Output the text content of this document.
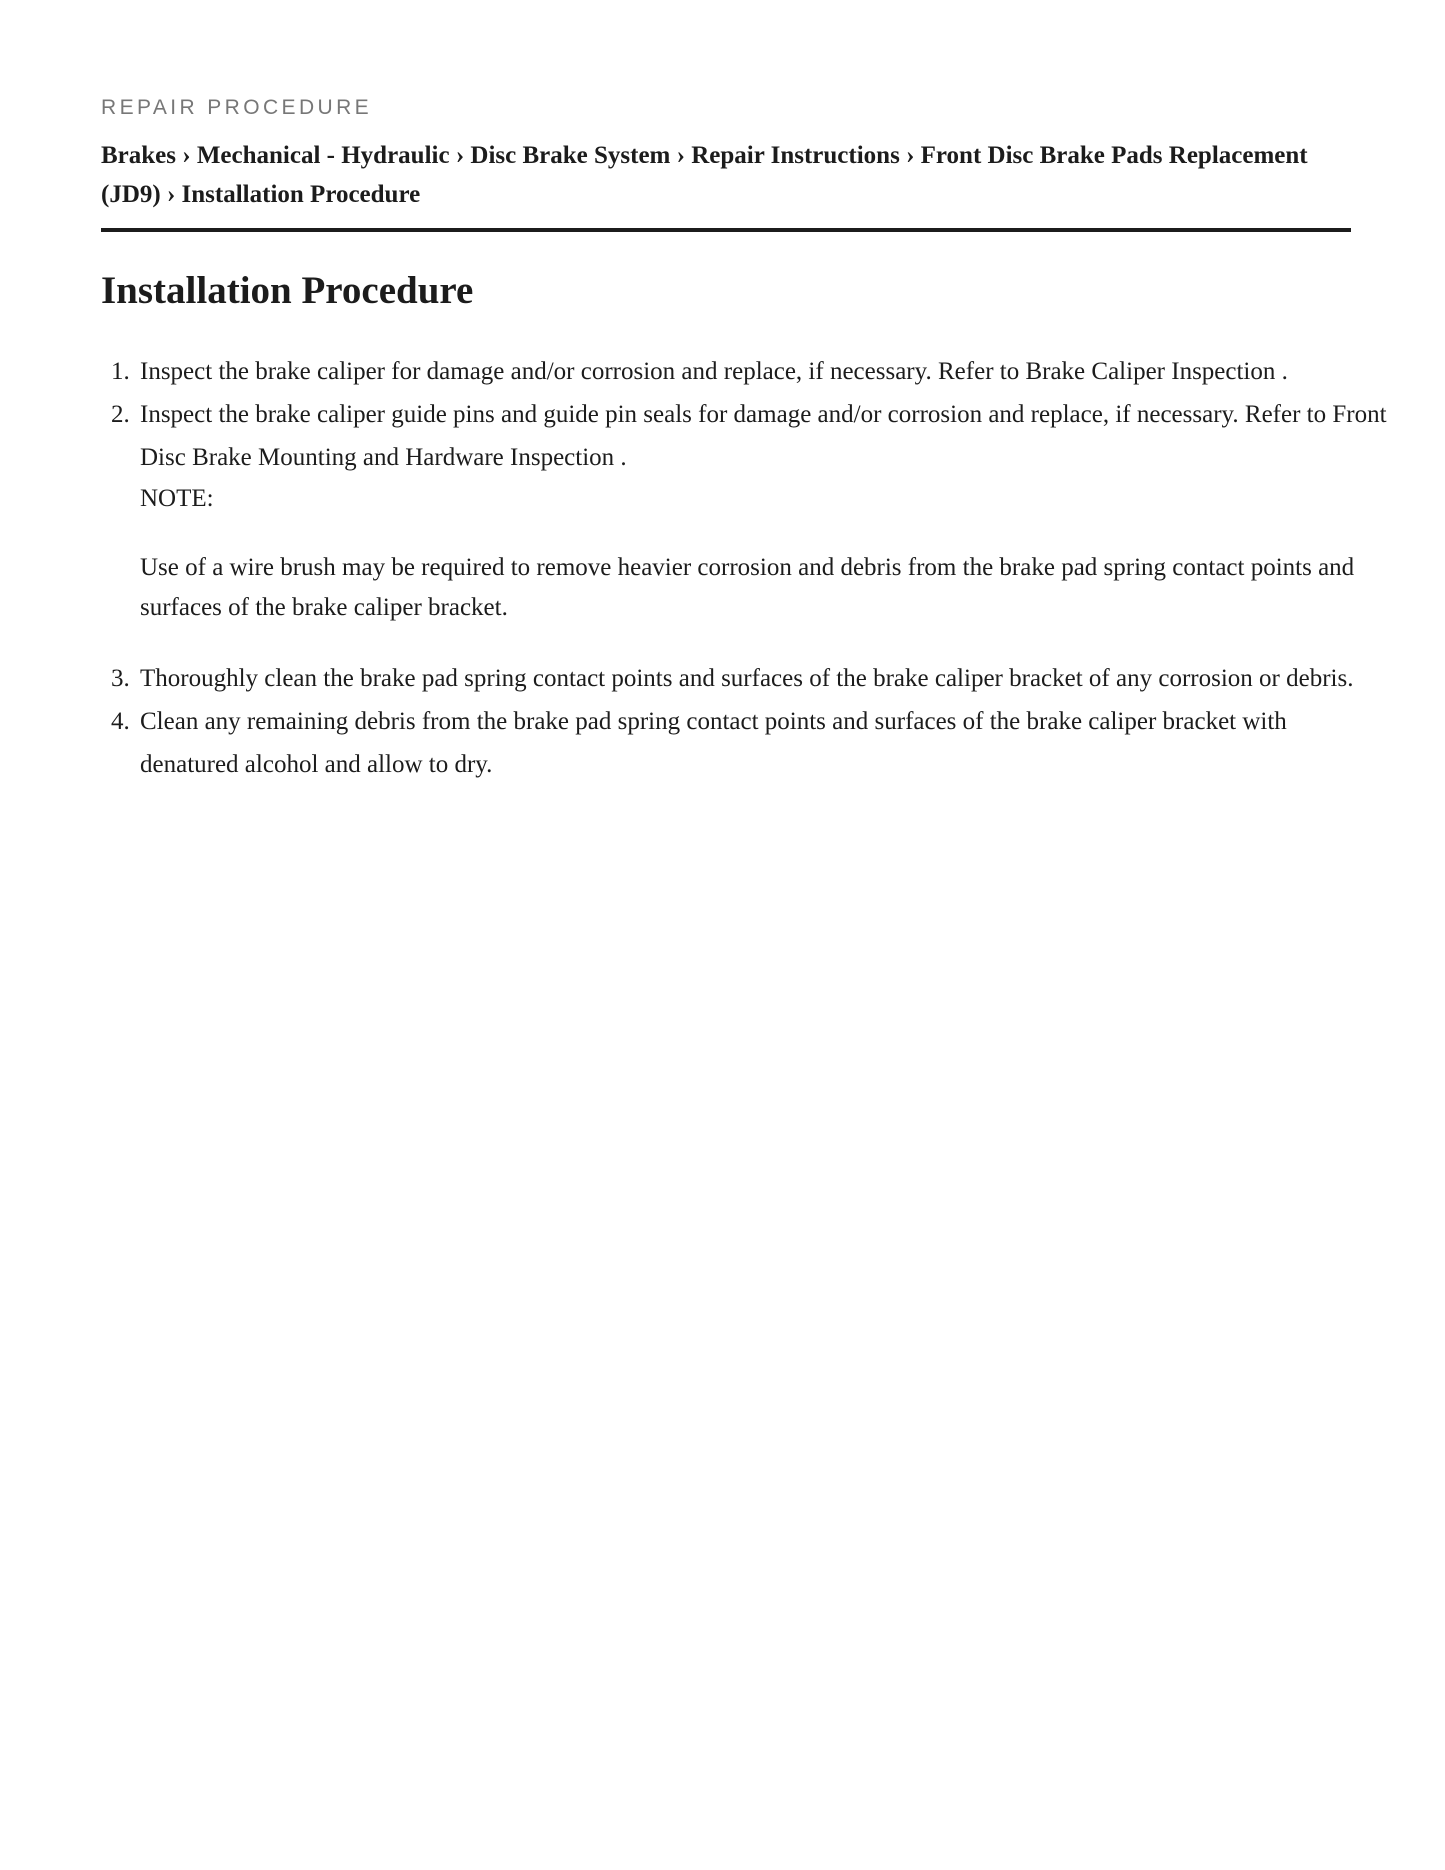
REPAIR PROCEDURE
Brakes › Mechanical - Hydraulic › Disc Brake System › Repair Instructions › Front Disc Brake Pads Replacement (JD9) › Installation Procedure
Installation Procedure
Inspect the brake caliper for damage and/or corrosion and replace, if necessary. Refer to Brake Caliper Inspection .
Inspect the brake caliper guide pins and guide pin seals for damage and/or corrosion and replace, if necessary. Refer to Front Disc Brake Mounting and Hardware Inspection .
NOTE:
Use of a wire brush may be required to remove heavier corrosion and debris from the brake pad spring contact points and surfaces of the brake caliper bracket.
Thoroughly clean the brake pad spring contact points and surfaces of the brake caliper bracket of any corrosion or debris.
Clean any remaining debris from the brake pad spring contact points and surfaces of the brake caliper bracket with denatured alcohol and allow to dry.
